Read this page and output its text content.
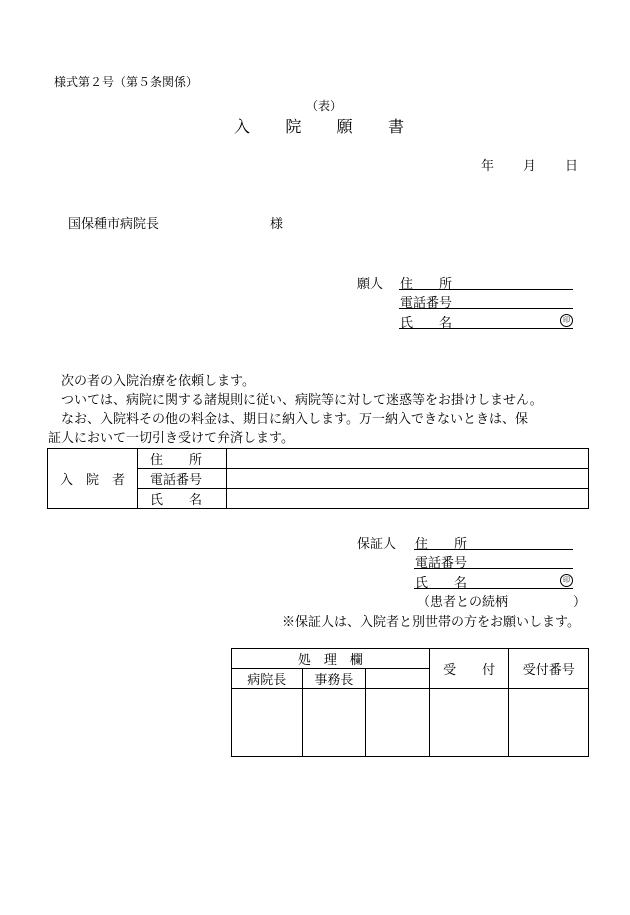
様式第２号（第５条関係）
（表）
入 院 願 書
年 月 日
国保種市病院長	様
願人 住　　所
電話番号
氏　　名	印
　次の者の入院治療を依頼します。
　ついては、病院に関する諸規則に従い、病院等に対して迷惑等をお掛けしません。
　なお、入院料その他の料金は、期日に納入します。万一納入できないときは、保
証人において一切引き受けて弁済します。
入　院　者	住　　所	
	電話番号	
	氏　　名	
保証人 住　　所
電話番号
氏　　名	印
（患者との続柄　　　　　）
※保証人は、入院者と別世帯の方をお願いします。
処　理　欄			受　　付	受付番号
病院長	事務長			
